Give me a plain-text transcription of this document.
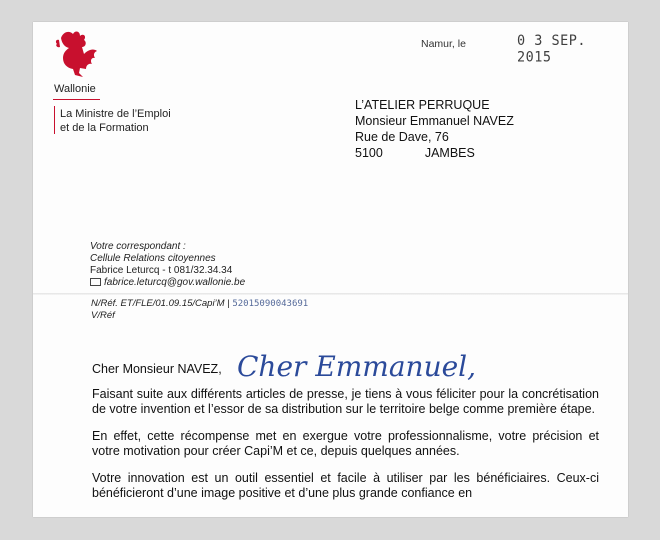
Wallonie
La Ministre de l’Emploi
et de la Formation
Namur, le	0 3 SEP. 2015
L’ATELIER PERRUQUE
Monsieur Emmanuel NAVEZ
Rue de Dave, 76
5100	JAMBES
Votre correspondant :
Cellule Relations citoyennes
Fabrice Leturcq - t 081/32.34.34
fabrice.leturcq@gov.wallonie.be
N/Réf. ET/FLE/01.09.15/Capi’M | 52015090043691
V/Réf
Cher Monsieur NAVEZ, Cher Emmanuel,

Faisant suite aux différents articles de presse, je tiens à vous féliciter pour la concrétisation de votre invention et l’essor de sa distribution sur le territoire belge comme première étape.

En effet, cette récompense met en exergue votre professionnalisme, votre précision et votre motivation pour créer Capi’M et ce, depuis quelques années.

Votre innovation est un outil essentiel et facile à utiliser par les bénéficiaires. Ceux-ci bénéficieront d’une image positive et d’une plus grande confiance en
